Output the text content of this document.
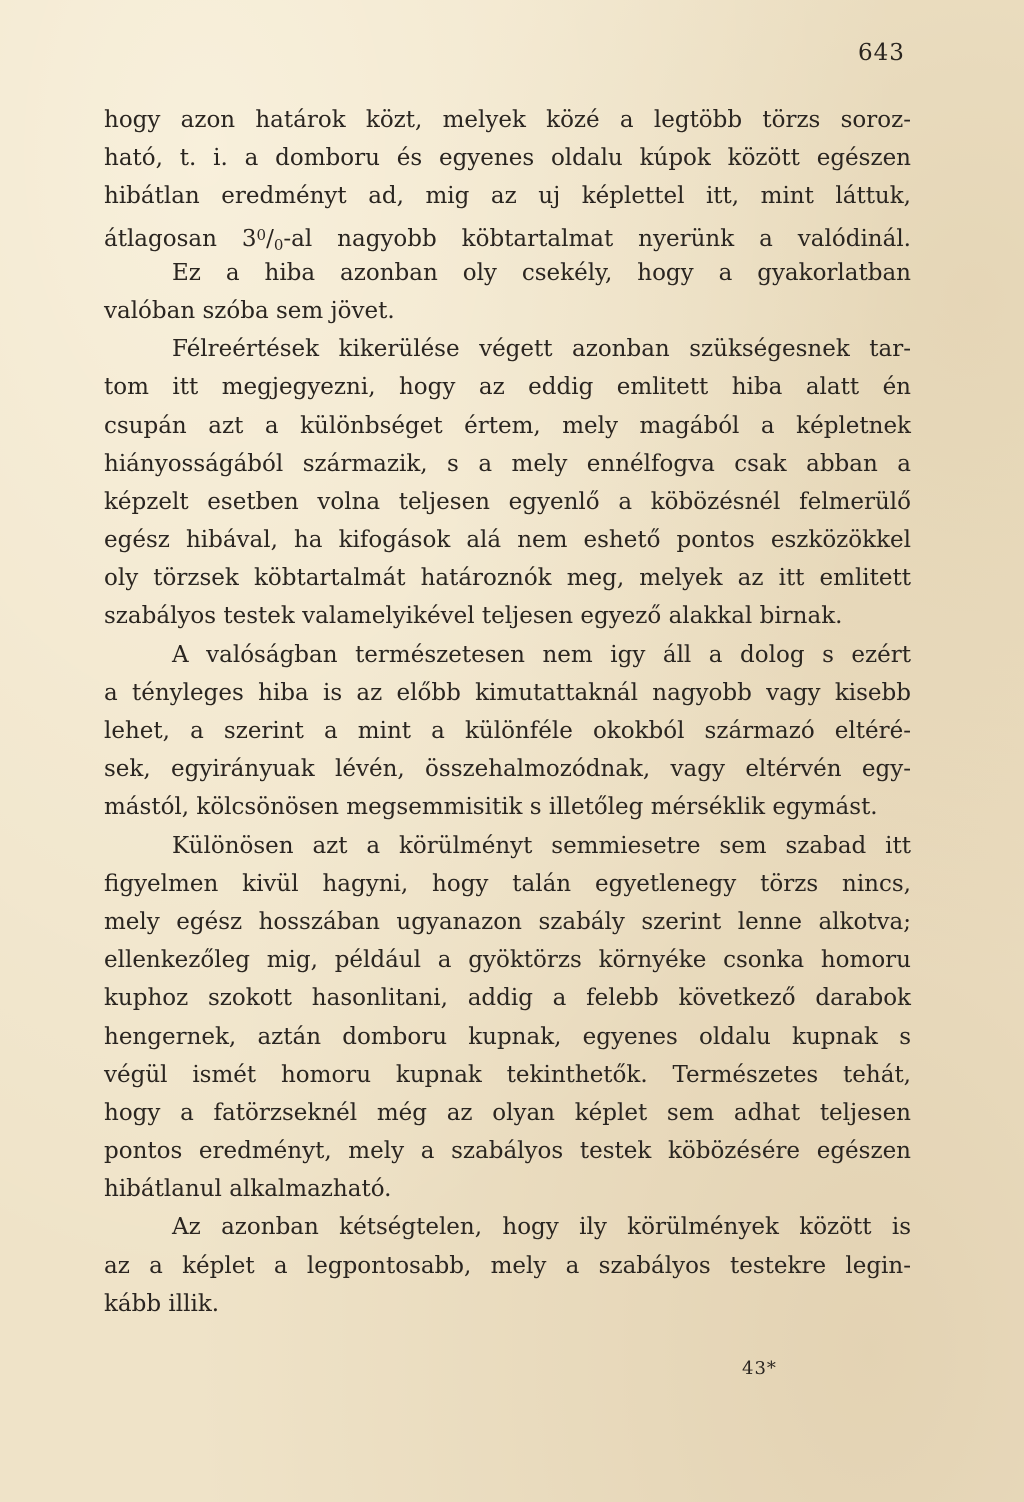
643
hogy azon határok közt, melyek közé a legtöbb törzs soroz-
ható, t. i. a domboru és egyenes oldalu kúpok között egészen
hibátlan eredményt ad, mig az uj képlettel itt, mint láttuk,
átlagosan $3^0/_0-al$ nagyobb köbtartalmat nyerünk a valódinál.
Ez a hiba azonban oly csekély, hogy a gyakorlatban
valóban szóba sem jövet.
Félreértések kikerülése végett azonban szükségesnek tar-
tom itt megjegyezni, hogy az eddig emlitett hiba alatt én
csupán azt a különbséget értem, mely magából a képletnek
hiányosságából származik, s a mely ennélfogva csak abban a
képzelt esetben volna teljesen egyenlő a köbözésnél felmerülő
egész hibával, ha kifogások alá nem eshető pontos eszközökkel
oly törzsek köbtartalmát határoznók meg, melyek az itt emlitett
szabályos testek valamelyikével teljesen egyező alakkal birnak.
A valóságban természetesen nem igy áll a dolog s ezért
a tényleges hiba is az előbb kimutattaknál nagyobb vagy kisebb
lehet, a szerint a mint a különféle okokból származó eltéré-
sek, egyirányuak lévén, összehalmozódnak, vagy eltérvén egy-
mástól, kölcsönösen megsemmisitik s illetőleg mérséklik egymást.
Különösen azt a körülményt semmiesetre sem szabad itt
figyelmen kivül hagyni, hogy talán egyetlenegy törzs nincs,
mely egész hosszában ugyanazon szabály szerint lenne alkotva;
ellenkezőleg mig, például a gyöktörzs környéke csonka homoru
kuphoz szokott hasonlitani, addig a felebb következő darabok
hengernek, aztán domboru kupnak, egyenes oldalu kupnak s
végül ismét homoru kupnak tekinthetők. Természetes tehát,
hogy a fatörzseknél még az olyan képlet sem adhat teljesen
pontos eredményt, mely a szabályos testek köbözésére egészen
hibátlanul alkalmazható.
Az azonban kétségtelen, hogy ily körülmények között is
az a képlet a legpontosabb, mely a szabályos testekre legin-
kább illik.
43*
